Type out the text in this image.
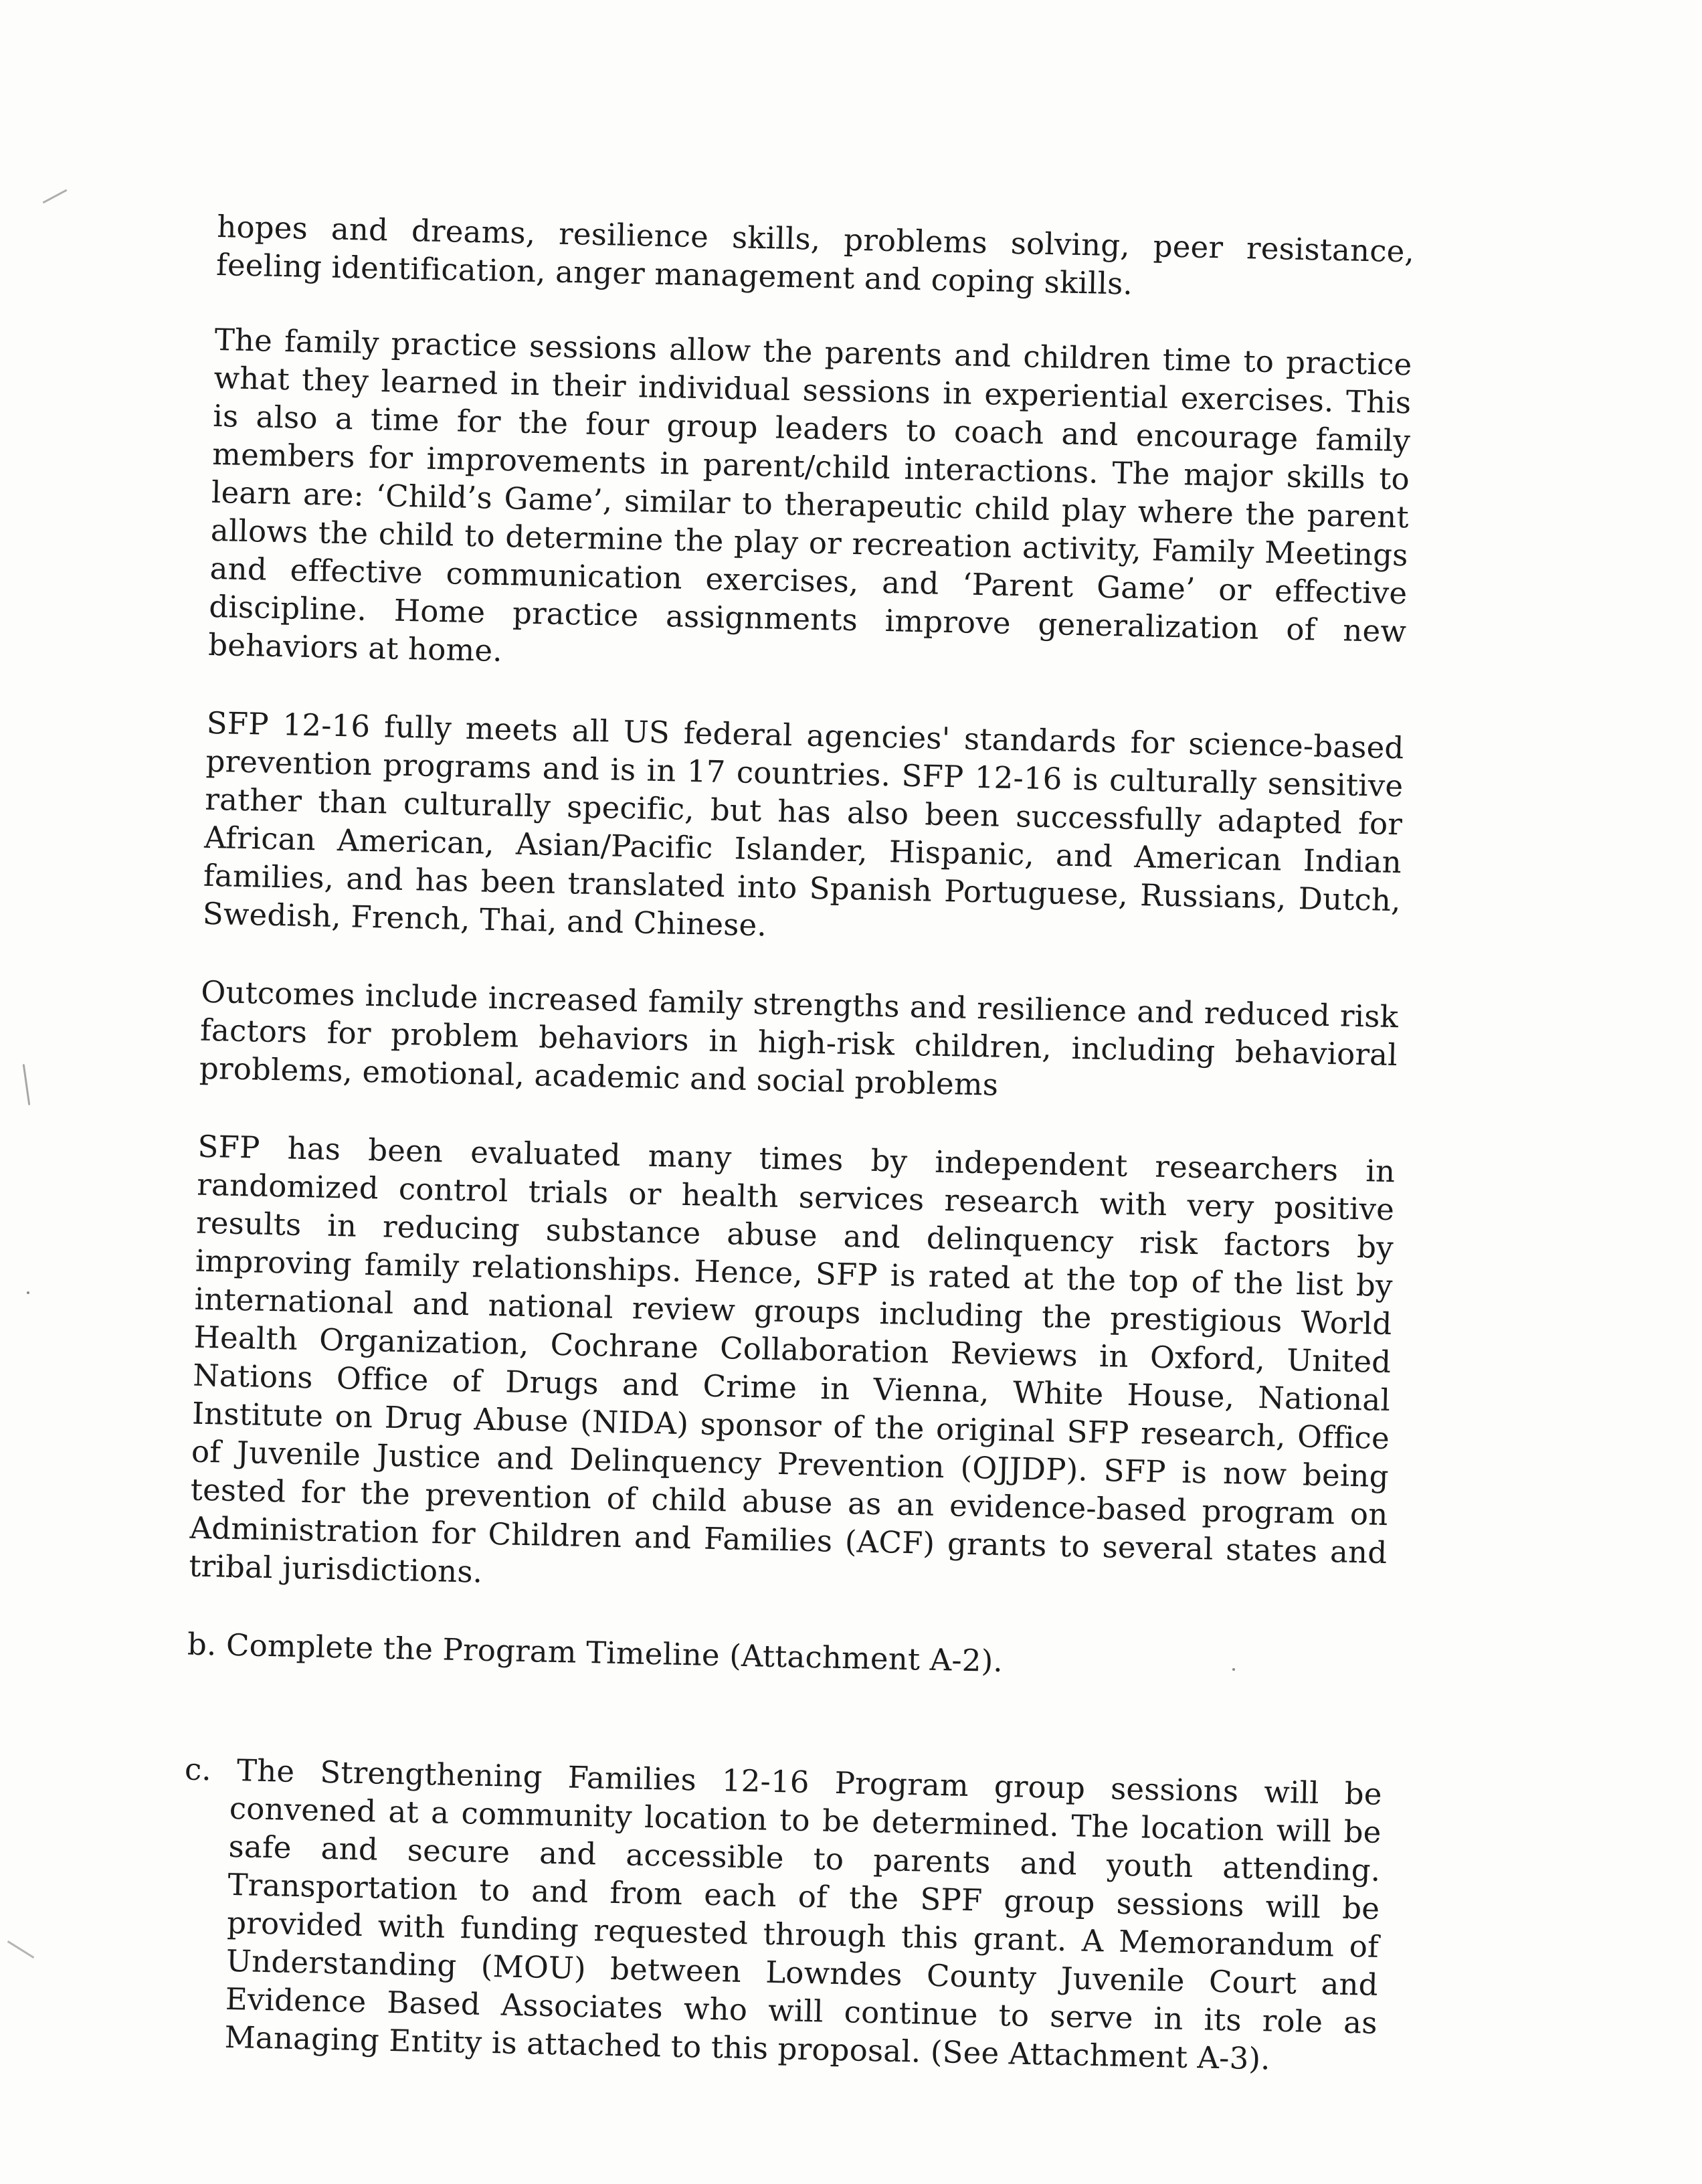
hopes and dreams, resilience skills, problems solving, peer resistance, feeling identification, anger management and coping skills.

The family practice sessions allow the parents and children time to practice what they learned in their individual sessions in experiential exercises. This is also a time for the four group leaders to coach and encourage family members for improvements in parent/child interactions. The major skills to learn are: ‘Child’s Game’, similar to therapeutic child play where the parent allows the child to determine the play or recreation activity, Family Meetings and effective communication exercises, and ‘Parent Game’ or effective discipline. Home practice assignments improve generalization of new behaviors at home.

SFP 12-16 fully meets all US federal agencies' standards for science-based prevention programs and is in 17 countries. SFP 12-16 is culturally sensitive rather than culturally specific, but has also been successfully adapted for African American, Asian/Pacific Islander, Hispanic, and American Indian families, and has been translated into Spanish Portuguese, Russians, Dutch, Swedish, French, Thai, and Chinese.

Outcomes include increased family strengths and resilience and reduced risk factors for problem behaviors in high-risk children, including behavioral problems, emotional, academic and social problems

SFP has been evaluated many times by independent researchers in randomized control trials or health services research with very positive results in reducing substance abuse and delinquency risk factors by improving family relationships. Hence, SFP is rated at the top of the list by international and national review groups including the prestigious World Health Organization, Cochrane Collaboration Reviews in Oxford, United Nations Office of Drugs and Crime in Vienna, White House, National Institute on Drug Abuse (NIDA) sponsor of the original SFP research, Office of Juvenile Justice and Delinquency Prevention (OJJDP). SFP is now being tested for the prevention of child abuse as an evidence-based program on Administration for Children and Families (ACF) grants to several states and tribal jurisdictions.

b. Complete the Program Timeline (Attachment A-2).

c. The Strengthening Families 12-16 Program group sessions will be convened at a community location to be determined. The location will be safe and secure and accessible to parents and youth attending. Transportation to and from each of the SPF group sessions will be provided with funding requested through this grant. A Memorandum of Understanding (MOU) between Lowndes County Juvenile Court and Evidence Based Associates who will continue to serve in its role as Managing Entity is attached to this proposal. (See Attachment A-3).
